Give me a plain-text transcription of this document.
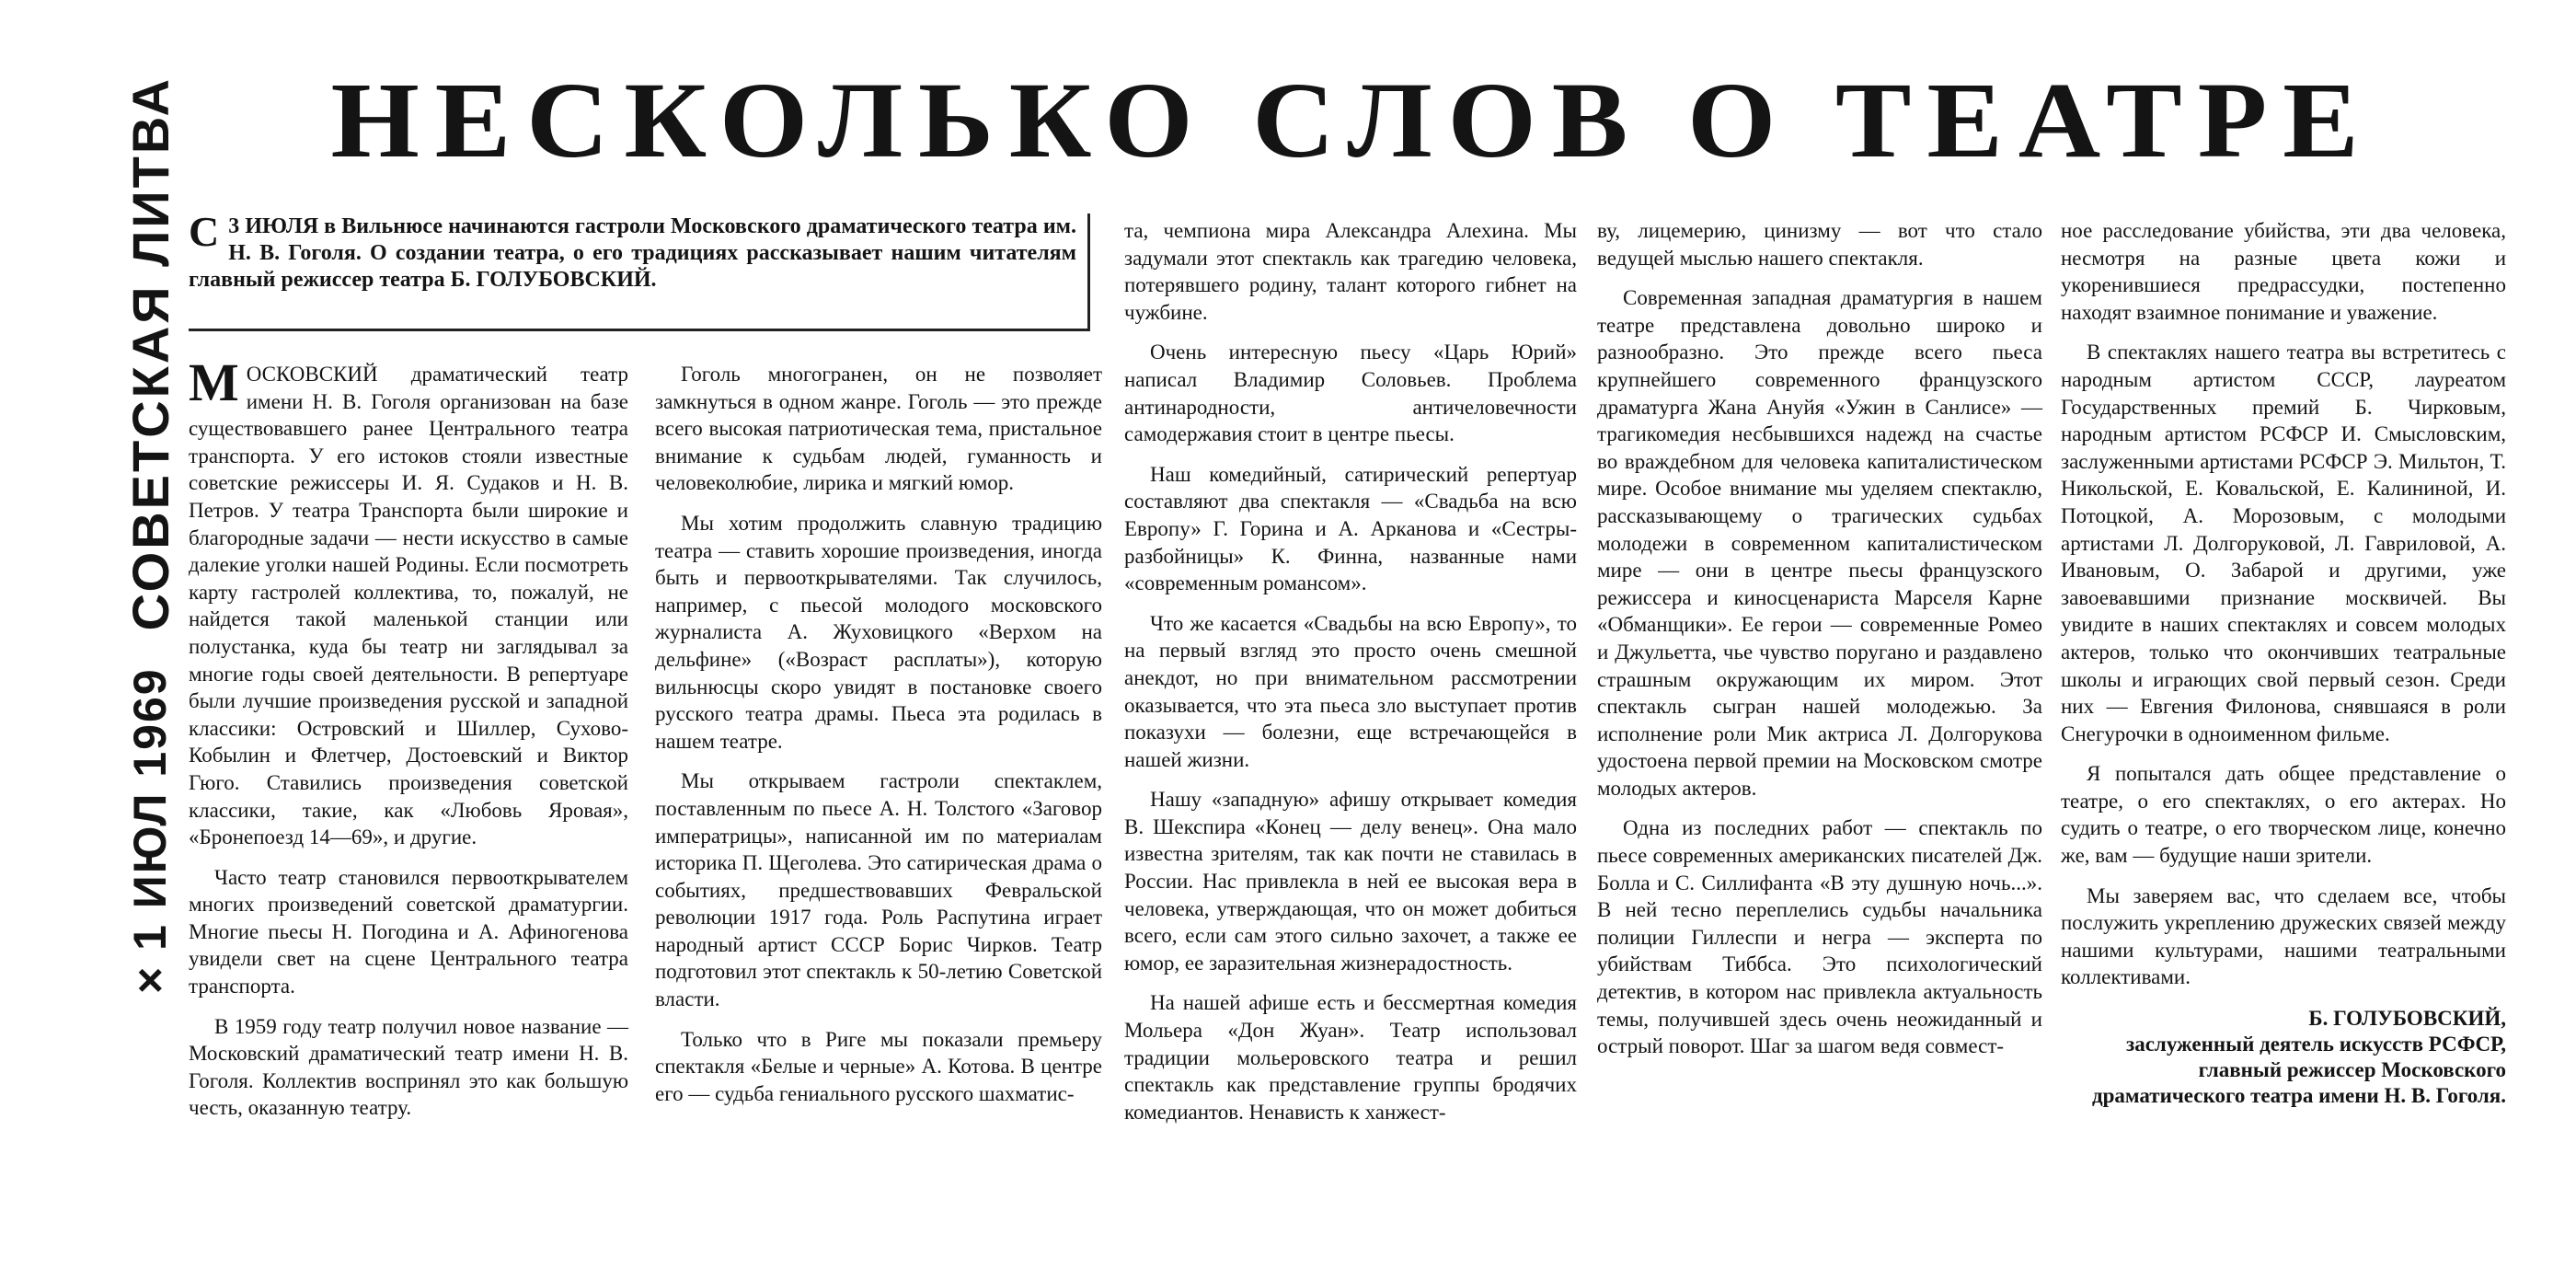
НЕСКОЛЬКО СЛОВ О ТЕАТРЕ
× 1 ИЮЛ 1969
СОВЕТСКАЯ ЛИТВА С 3 ИЮЛЯ в Вильнюсе начинаются гастроли Московского драматического театра им. Н. В. Гоголя. О создании театра, о его традициях рассказывает нашим читателям главный режиссер театра Б. ГОЛУБОВСКИЙ.

М ОСКОВСКИЙ драматический театр имени Н. В. Гоголя организован на базе существовавшего ранее Центрального театра транспорта. У его истоков стояли известные советские режиссеры И. Я. Судаков и Н. В. Петров. У театра Транспорта были широкие и благородные задачи — нести искусство в самые далекие уголки нашей Родины. Если посмотреть карту гастролей коллектива, то, пожалуй, не найдется такой маленькой станции или полустанка, куда бы театр ни заглядывал за многие годы своей деятельности. В репертуаре были лучшие произведения русской и западной классики: Островский и Шиллер, Сухово-Кобылин и Флетчер, Достоевский и Виктор Гюго. Ставились произведения советской классики, такие, как «Любовь Яровая», «Бронепоезд 14—69», и другие.

Часто театр становился первооткрывателем многих произведений советской драматургии. Многие пьесы Н. Погодина и А. Афиногенова увидели свет на сцене Центрального театра транспорта.

В 1959 году театр получил новое название — Московский драматический театр имени Н. В. Гоголя. Коллектив воспринял это как большую честь, оказанную театру.

Гоголь многогранен, он не позволяет замкнуться в одном жанре. Гоголь — это прежде всего высокая патриотическая тема, пристальное внимание к судьбам людей, гуманность и человеколюбие, лирика и мягкий юмор.

Мы хотим продолжить славную традицию театра — ставить хорошие произведения, иногда быть и первооткрывателями. Так случилось, например, с пьесой молодого московского журналиста А. Жуховицкого «Верхом на дельфине» («Возраст расплаты»), которую вильнюсцы скоро увидят в постановке своего русского театра драмы. Пьеса эта родилась в нашем театре.

Мы открываем гастроли спектаклем, поставленным по пьесе А. Н. Толстого «Заговор императрицы», написанной им по материалам историка П. Щеголева. Это сатирическая драма о событиях, предшествовавших Февральской революции 1917 года. Роль Распутина играет народный артист СССР Борис Чирков. Театр подготовил этот спектакль к 50-летию Советской власти.

Только что в Риге мы показали премьеру спектакля «Белые и черные» А. Котова. В центре его — судьба гениального русского шахматис-

та, чемпиона мира Александра Алехина. Мы задумали этот спектакль как трагедию человека, потерявшего родину, талант которого гибнет на чужбине.

Очень интересную пьесу «Царь Юрий» написал Владимир Соловьев. Проблема антинародности, античеловечности самодержавия стоит в центре пьесы.

Наш комедийный, сатирический репертуар составляют два спектакля — «Свадьба на всю Европу» Г. Горина и А. Арканова и «Сестры-разбойницы» К. Финна, названные нами «современным романсом».

Что же касается «Свадьбы на всю Европу», то на первый взгляд это просто очень смешной анекдот, но при внимательном рассмотрении оказывается, что эта пьеса зло выступает против показухи — болезни, еще встречающейся в нашей жизни.

Нашу «западную» афишу открывает комедия В. Шекспира «Конец — делу венец». Она мало известна зрителям, так как почти не ставилась в России. Нас привлекла в ней ее высокая вера в человека, утверждающая, что он может добиться всего, если сам этого сильно захочет, а также ее юмор, ее заразительная жизнерадостность.

На нашей афише есть и бессмертная комедия Мольера «Дон Жуан». Театр использовал традиции мольеровского театра и решил спектакль как представление группы бродячих комедиантов. Ненависть к ханжест-

ву, лицемерию, цинизму — вот что стало ведущей мыслью нашего спектакля.

Современная западная драматургия в нашем театре представлена довольно широко и разнообразно. Это прежде всего пьеса крупнейшего современного французского драматурга Жана Ануйя «Ужин в Санлисе» — трагикомедия несбывшихся надежд на счастье во враждебном для человека капиталистическом мире. Особое внимание мы уделяем спектаклю, рассказывающему о трагических судьбах молодежи в современном капиталистическом мире — они в центре пьесы французского режиссера и киносценариста Марселя Карне «Обманщики». Ее герои — современные Ромео и Джульетта, чье чувство поругано и раздавлено страшным окружающим их миром. Этот спектакль сыгран нашей молодежью. За исполнение роли Мик актриса Л. Долгорукова удостоена первой премии на Московском смотре молодых актеров.

Одна из последних работ — спектакль по пьесе современных американских писателей Дж. Болла и С. Силлифанта «В эту душную ночь...». В ней тесно переплелись судьбы начальника полиции Гиллеспи и негра — эксперта по убийствам Тиббса. Это психологический детектив, в котором нас привлекла актуальность темы, получившей здесь очень неожиданный и острый поворот. Шаг за шагом ведя совмест-

ное расследование убийства, эти два человека, несмотря на разные цвета кожи и укоренившиеся предрассудки, постепенно находят взаимное понимание и уважение.

В спектаклях нашего театра вы встретитесь с народным артистом СССР, лауреатом Государственных премий Б. Чирковым, народным артистом РСФСР И. Смысловским, заслуженными артистами РСФСР Э. Мильтон, Т. Никольской, Е. Ковальской, Е. Калининой, И. Потоцкой, А. Морозовым, с молодыми артистами Л. Долгоруковой, Л. Гавриловой, А. Ивановым, О. Забарой и другими, уже завоевавшими признание москвичей. Вы увидите в наших спектаклях и совсем молодых актеров, только что окончивших театральные школы и играющих свой первый сезон. Среди них — Евгения Филонова, снявшаяся в роли Снегурочки в одноименном фильме.

Я попытался дать общее представление о театре, о его спектаклях, о его актерах. Но судить о театре, о его творческом лице, конечно же, вам — будущие наши зрители.

Мы заверяем вас, что сделаем все, чтобы послужить укреплению дружеских связей между нашими культурами, нашими театральными коллективами.

Б. ГОЛУБОВСКИЙ,
заслуженный деятель искусств РСФСР, главный режиссер Московского драматического театра имени Н. В. Гоголя.
